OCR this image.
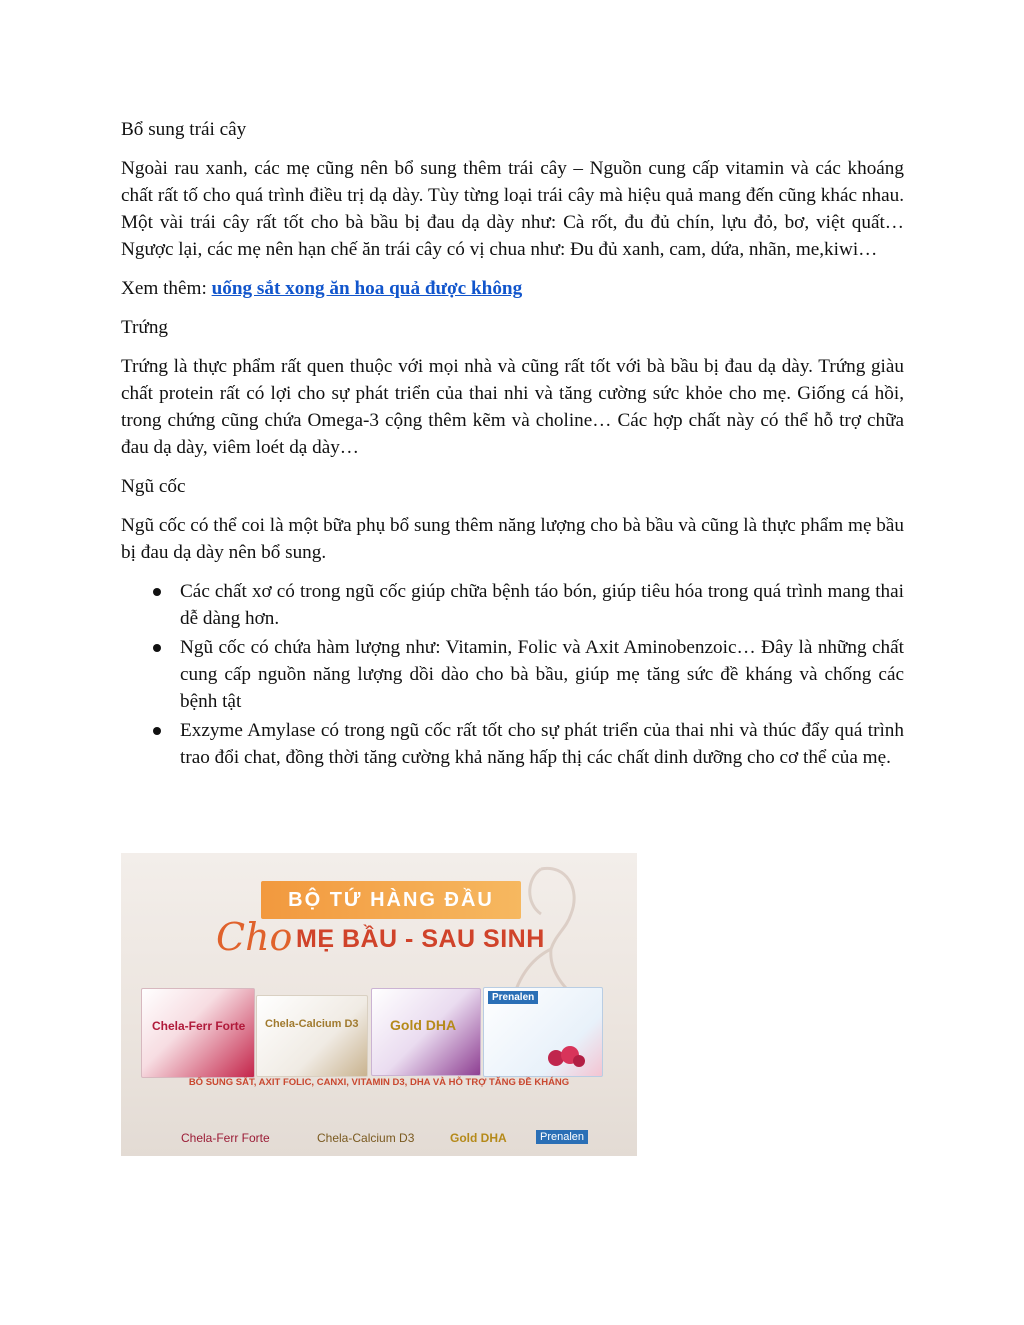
Bổ sung trái cây

Ngoài rau xanh, các mẹ cũng nên bổ sung thêm trái cây – Nguồn cung cấp vitamin và các khoáng chất rất tố cho quá trình điều trị dạ dày. Tùy từng loại trái cây mà hiệu quả mang đến cũng khác nhau. Một vài trái cây rất tốt cho bà bầu bị đau dạ dày như: Cà rốt, đu đủ chín, lựu đỏ, bơ, việt quất…Ngược lại, các mẹ nên hạn chế ăn trái cây có vị chua như: Đu đủ xanh, cam, dứa, nhãn, me,kiwi…

Xem thêm: uống sắt xong ăn hoa quả được không

Trứng

Trứng là thực phẩm rất quen thuộc với mọi nhà và cũng rất tốt với bà bầu bị đau dạ dày. Trứng giàu chất protein rất có lợi cho sự phát triển của thai nhi và tăng cường sức khỏe cho mẹ. Giống cá hồi, trong chứng cũng chứa Omega-3 cộng thêm kẽm và choline… Các hợp chất này có thể hỗ trợ chữa đau dạ dày, viêm loét dạ dày…

Ngũ cốc

Ngũ cốc có thể coi là một bữa phụ bổ sung thêm năng lượng cho bà bầu và cũng là thực phẩm mẹ bầu bị đau dạ dày nên bổ sung.

Các chất xơ có trong ngũ cốc giúp chữa bệnh táo bón, giúp tiêu hóa trong quá trình mang thai dễ dàng hơn.
Ngũ cốc có chứa hàm lượng như: Vitamin, Folic và Axit Aminobenzoic… Đây là những chất cung cấp nguồn năng lượng dồi dào cho bà bầu, giúp mẹ tăng sức đề kháng và chống các bệnh tật
Exzyme Amylase có trong ngũ cốc rất tốt cho sự phát triển của thai nhi và thúc đẩy quá trình trao đổi chat, đồng thời tăng cường khả năng hấp thị các chất dinh dưỡng cho cơ thể của mẹ.
BỘ TỨ HÀNG ĐẦU
Cho MẸ BẦU - SAU SINH
Chela-Ferr Forte Chela-Calcium D3 Gold DHA
Prenalen
BỔ SUNG SẮT, AXIT FOLIC, CANXI, VITAMIN D3, DHA VÀ HỖ TRỢ TĂNG ĐỀ KHÁNG
Chela-Ferr Forte	Chela-Calcium D3	Gold DHA	Prenalen
